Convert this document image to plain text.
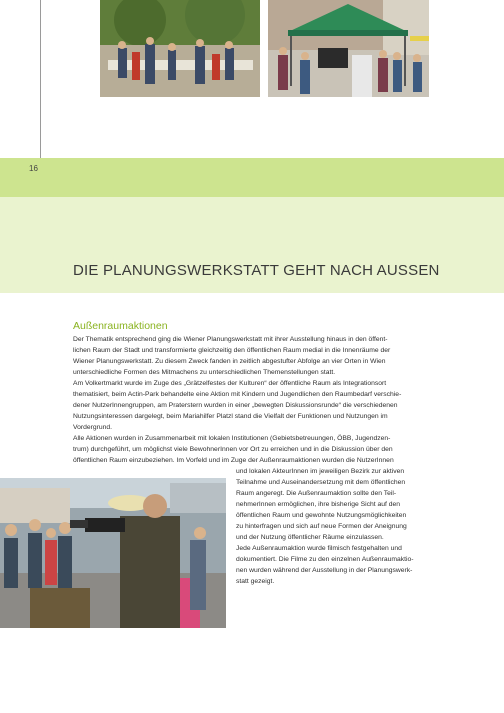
16
DIE PLANUNGSWERKSTATT GEHT NACH AUSSEN
Außenraumaktionen
Der Thematik entsprechend ging die Wiener Planungswerkstatt mit ihrer Ausstellung hinaus in den öffent-
lichen Raum der Stadt und transformierte gleichzeitig den öffentlichen Raum medial in die Innenräume der
Wiener Planungswerkstatt. Zu diesem Zweck fanden in zeitlich abgestufter Abfolge an vier Orten in Wien
unterschiedliche Formen des Mitmachens zu unterschiedlichen Themenstellungen statt.
Am Volkertmarkt wurde im Zuge des „Grätzelfestes der Kulturen“ der öffentliche Raum als Integrationsort
thematisiert, beim Actin-Park behandelte eine Aktion mit Kindern und Jugendlichen den Raumbedarf verschie-
dener NutzerInnengruppen, am Praterstern wurden in einer „bewegten Diskussionsrunde“ die verschiedenen
Nutzungsinteressen dargelegt, beim Mariahilfer Platzl stand die Vielfalt der Funktionen und Nutzungen im
Vordergrund.
Alle Aktionen wurden in Zusammenarbeit mit lokalen Institutionen (Gebietsbetreuungen, ÖBB, Jugendzen-
trum) durchgeführt, um möglichst viele BewohnerInnen vor Ort zu erreichen und in die Diskussion über den
öffentlichen Raum einzubeziehen. Im Vorfeld und im Zuge der Außenraumaktionen wurden die NutzerInnen
und lokalen AkteurInnen im jeweiligen Bezirk zur aktiven
Teilnahme und Auseinandersetzung mit dem öffentlichen
Raum angeregt. Die Außenraumaktion sollte den Teil-
nehmerInnen ermöglichen, ihre bisherige Sicht auf den
öffentlichen Raum und gewohnte Nutzungsmöglichkeiten
zu hinterfragen und sich auf neue Formen der Aneignung
und der Nutzung öffentlicher Räume einzulassen.
Jede Außenraumaktion wurde filmisch festgehalten und
dokumentiert. Die Filme zu den einzelnen Außenraumaktio-
nen wurden während der Ausstellung in der Planungswerk-
statt gezeigt.
